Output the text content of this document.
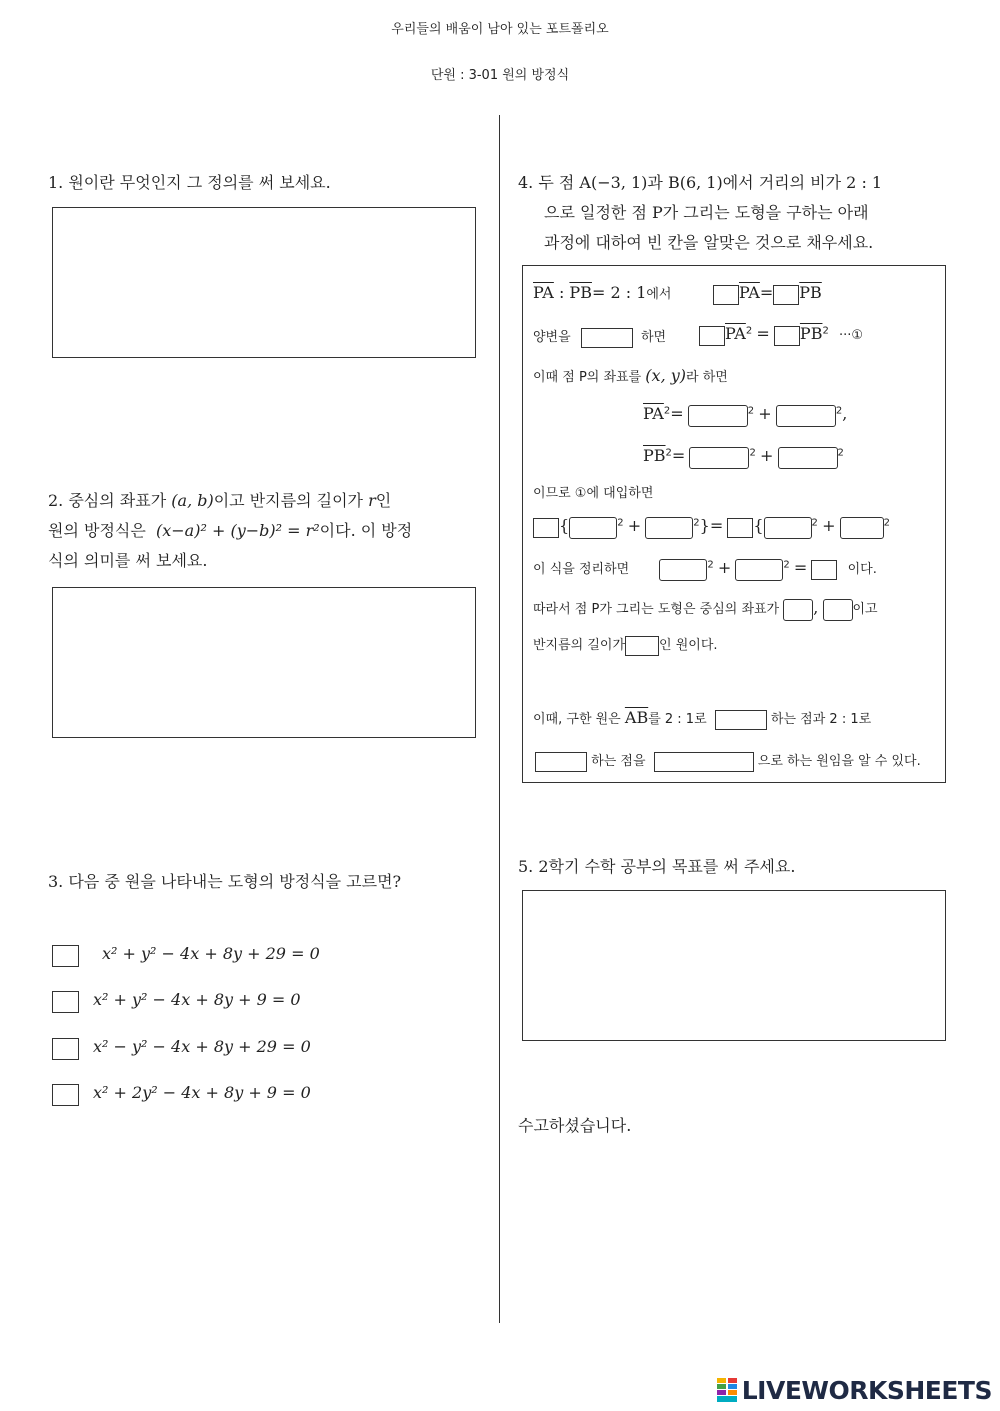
우리들의 배움이 남아 있는 포트폴리오
단원 : 3-01 원의 방정식
1. 원이란 무엇인지 그 정의를 써 보세요.
2. 중심의 좌표가 (a, b)이고 반지름의 길이가 r인
원의 방정식은 (x−a)² + (y−b)² = r²이다. 이 방정
식의 의미를 써 보세요.
3. 다음 중 원을 나타내는 도형의 방정식을 고르면?
x² + y² − 4x + 8y + 29 = 0
x² + y² − 4x + 8y + 9 = 0
x² − y² − 4x + 8y + 29 = 0
x² + 2y² − 4x + 8y + 9 = 0
4. 두 점 A(−3, 1)과 B(6, 1)에서 거리의 비가 2 : 1
으로 일정한 점 P가 그리는 도형을 구하는 아래
과정에 대하여 빈 칸을 알맞은 것으로 채우세요.
$\overline{PA}$ : $\overline{PB}= 2$ : 1에서	$\overline{PA}= \overline{PB}$
양변을	하면	$\overline{PA}^2 = \overline{PB}^2$ ···①
이때 점 P의 좌표를 (x, y)라 하면
$\overline{PA}^2=$	$^2$ +	$^2$,
$\overline{PB}^2=$	$^2$ +	$^2$
이므로 ①에 대입하면
{	$^2$ +	$^2$}= {	$^2$ +	$^2$
이 식을 정리하면	$^2$ +	$^2$ =	이다.
따라서 점 P가 그리는 도형은 중심의 좌표가 ,	이고
반지름의 길이가	인 원이다.
이때, 구한 원은 $\overline{AB}$를 2 : 1로	하는 점과 2 : 1로
하는 점을	으로 하는 원임을 알 수 있다.
5. 2학기 수학 공부의 목표를 써 주세요.
수고하셨습니다.
LIVEWORKSHEETS
